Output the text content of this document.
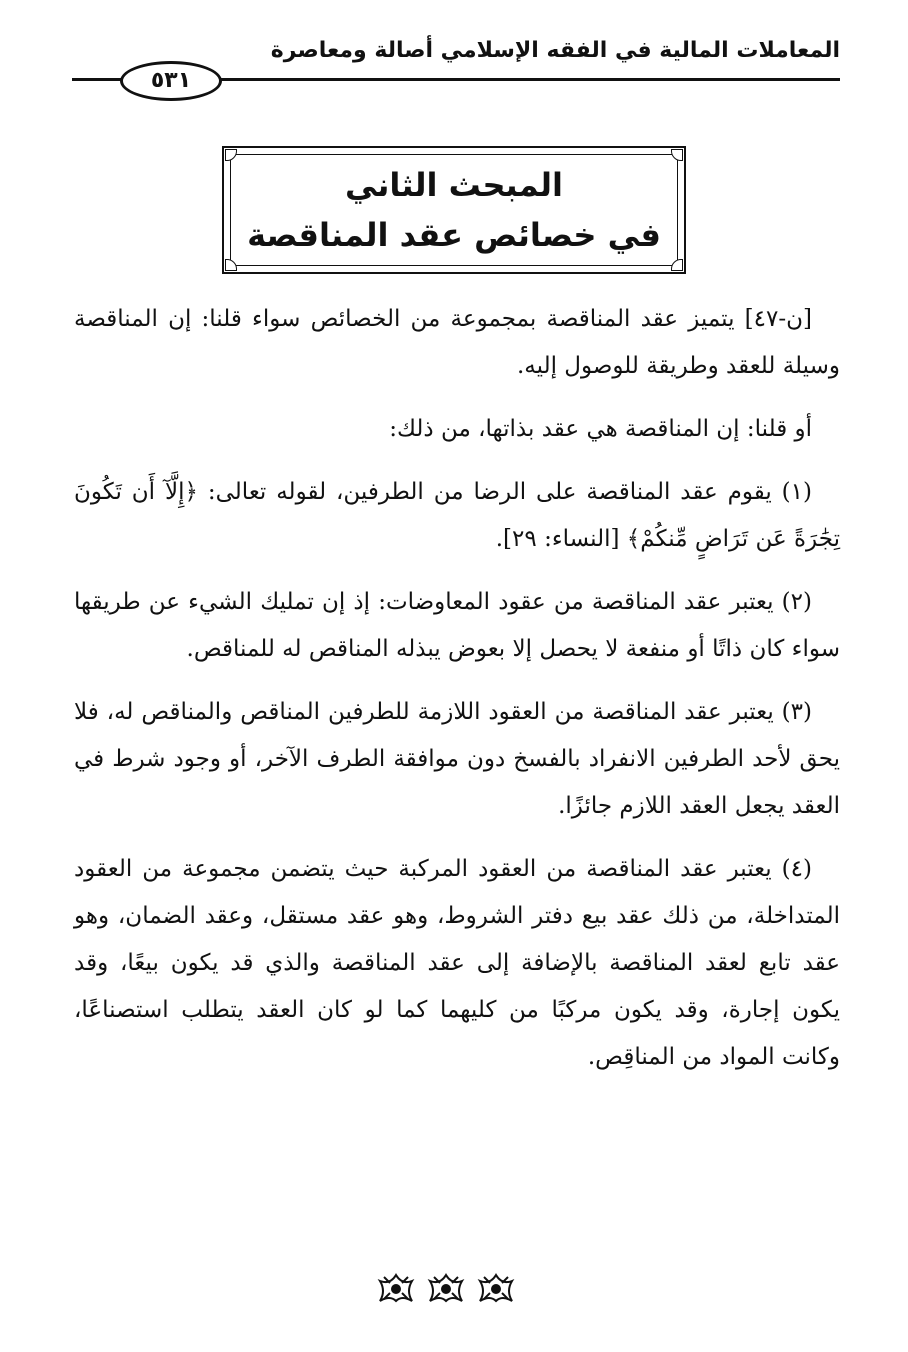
المعاملات المالية في الفقه الإسلامي أصالة ومعاصرة
٥٣١
المبحث الثاني
في خصائص عقد المناقصة

[ن-٤٧] يتميز عقد المناقصة بمجموعة من الخصائص سواء قلنا: إن المناقصة وسيلة للعقد وطريقة للوصول إليه.

أو قلنا: إن المناقصة هي عقد بذاتها، من ذلك:

(١) يقوم عقد المناقصة على الرضا من الطرفين، لقوله تعالى: ﴿إِلَّآ أَن تَكُونَ تِجَٰرَةً عَن تَرَاضٍ مِّنكُمْ﴾ [النساء: ٢٩].

(٢) يعتبر عقد المناقصة من عقود المعاوضات: إذ إن تمليك الشيء عن طريقها سواء كان ذاتًا أو منفعة لا يحصل إلا بعوض يبذله المناقص له للمناقص.

(٣) يعتبر عقد المناقصة من العقود اللازمة للطرفين المناقص والمناقص له، فلا يحق لأحد الطرفين الانفراد بالفسخ دون موافقة الطرف الآخر، أو وجود شرط في العقد يجعل العقد اللازم جائزًا.

(٤) يعتبر عقد المناقصة من العقود المركبة حيث يتضمن مجموعة من العقود المتداخلة، من ذلك عقد بيع دفتر الشروط، وهو عقد مستقل، وعقد الضمان، وهو عقد تابع لعقد المناقصة بالإضافة إلى عقد المناقصة والذي قد يكون بيعًا، وقد يكون إجارة، وقد يكون مركبًا من كليهما كما لو كان العقد يتطلب استصناعًا، وكانت المواد من المناقِص.
